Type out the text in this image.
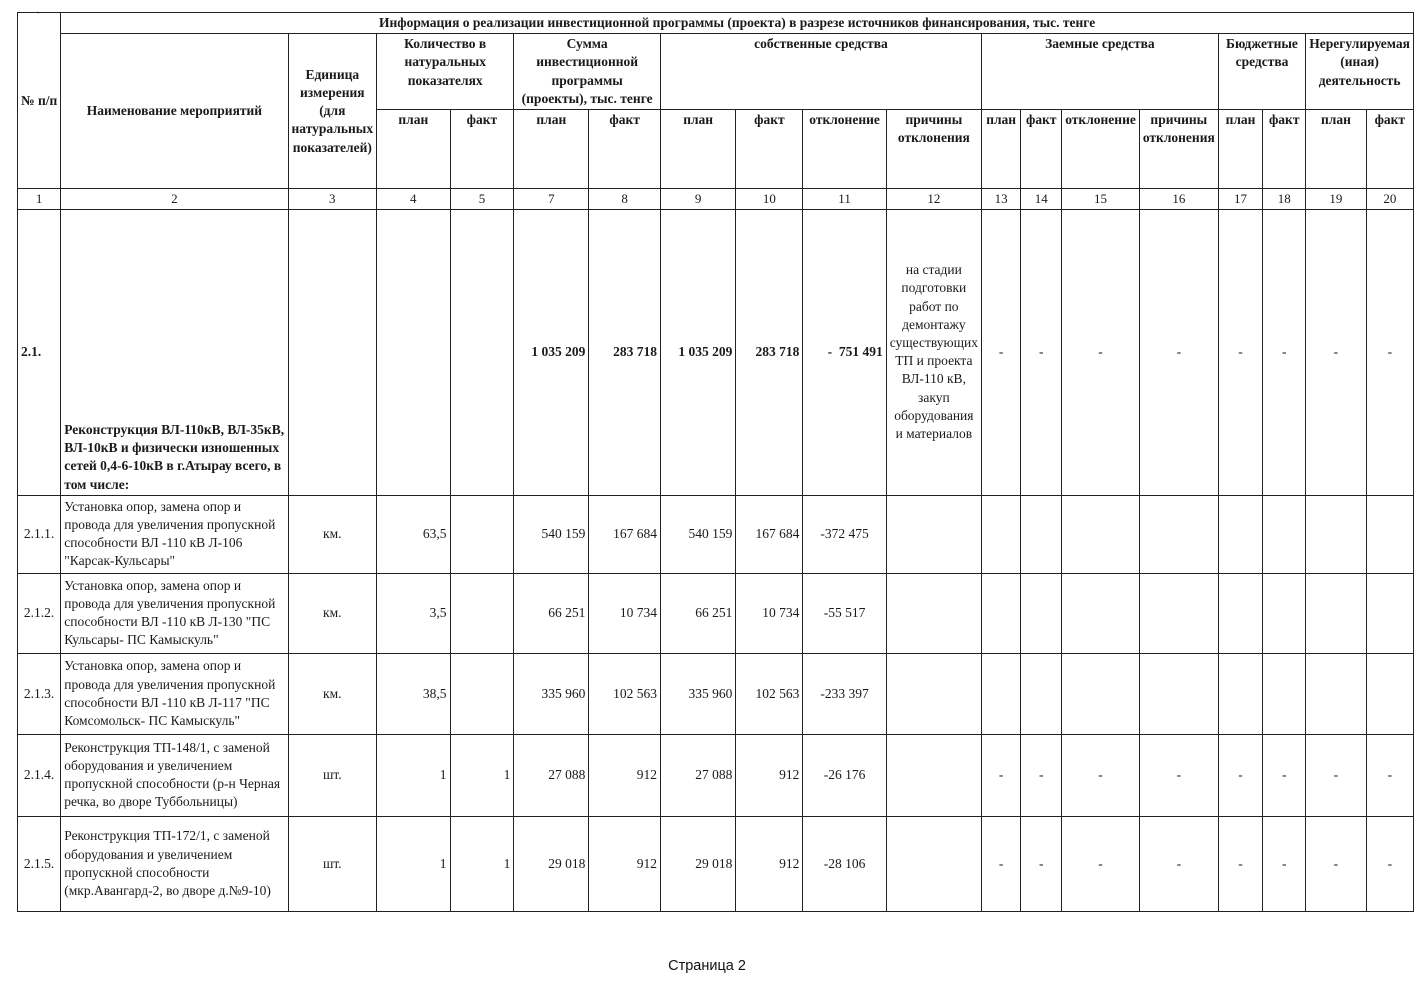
`
№ п/п	Информация о реализации инвестиционной программы (проекта) в разрезе источников финансирования, тыс. тенге																	
	Наименование мероприятий	Единица измерения (для натуральных показателей)	Количество в натуральных показателях		Сумма инвестиционной программы (проекты), тыс. тенге		собственные средства				Заемные средства				Бюджетные средства		Нерегулируемая (иная) деятельность	
			план	факт	план	факт	план	факт	отклонение	причины отклонения	план	факт	отклонение	причины отклонения	план	факт	план	факт
1	2	3	4	5	7	8	9	10	11	12	13	14	15	16	17	18	19	20
2.1.	Реконструкция ВЛ-110кВ, ВЛ-35кВ, ВЛ-10кВ и физически изношенных сетей 0,4-6-10кВ в г.Атырау всего, в том числе:				1 035 209	283 718	1 035 209	283 718	-  751 491	на стадии подготовки работ по демонтажу существующих ТП и проекта ВЛ-110 кВ, закуп оборудования и материалов	-	-	-	-	-	-	-	-
2.1.1.	Установка опор, замена опор и провода для увеличения пропускной способности ВЛ -110 кВ Л-106 "Карсак-Кульсары"	км.	63,5		540 159	167 684	540 159	167 684	-372 475									
2.1.2.	Установка опор, замена опор и провода для увеличения пропускной способности ВЛ -110 кВ Л-130 "ПС Кульсары- ПС Камыскуль"	км.	3,5		66 251	10 734	66 251	10 734	-55 517									
2.1.3.	Установка опор, замена опор и провода для увеличения пропускной способности ВЛ -110 кВ Л-117 "ПС Комсомольск- ПС Камыскуль"	км.	38,5		335 960	102 563	335 960	102 563	-233 397									
2.1.4.	Реконструкция ТП-148/1, с заменой оборудования и увеличением пропускной способности (р-н Черная речка, во дворе Туббольницы)	шт.	1	1	27 088	912	27 088	912	-26 176		-	-	-	-	-	-	-	-
2.1.5.	Реконструкция ТП-172/1, с заменой оборудования и увеличением пропускной способности (мкр.Авангард-2, во дворе д.№9-10)	шт.	1	1	29 018	912	29 018	912	-28 106		-	-	-	-	-	-	-	-
Страница 2
